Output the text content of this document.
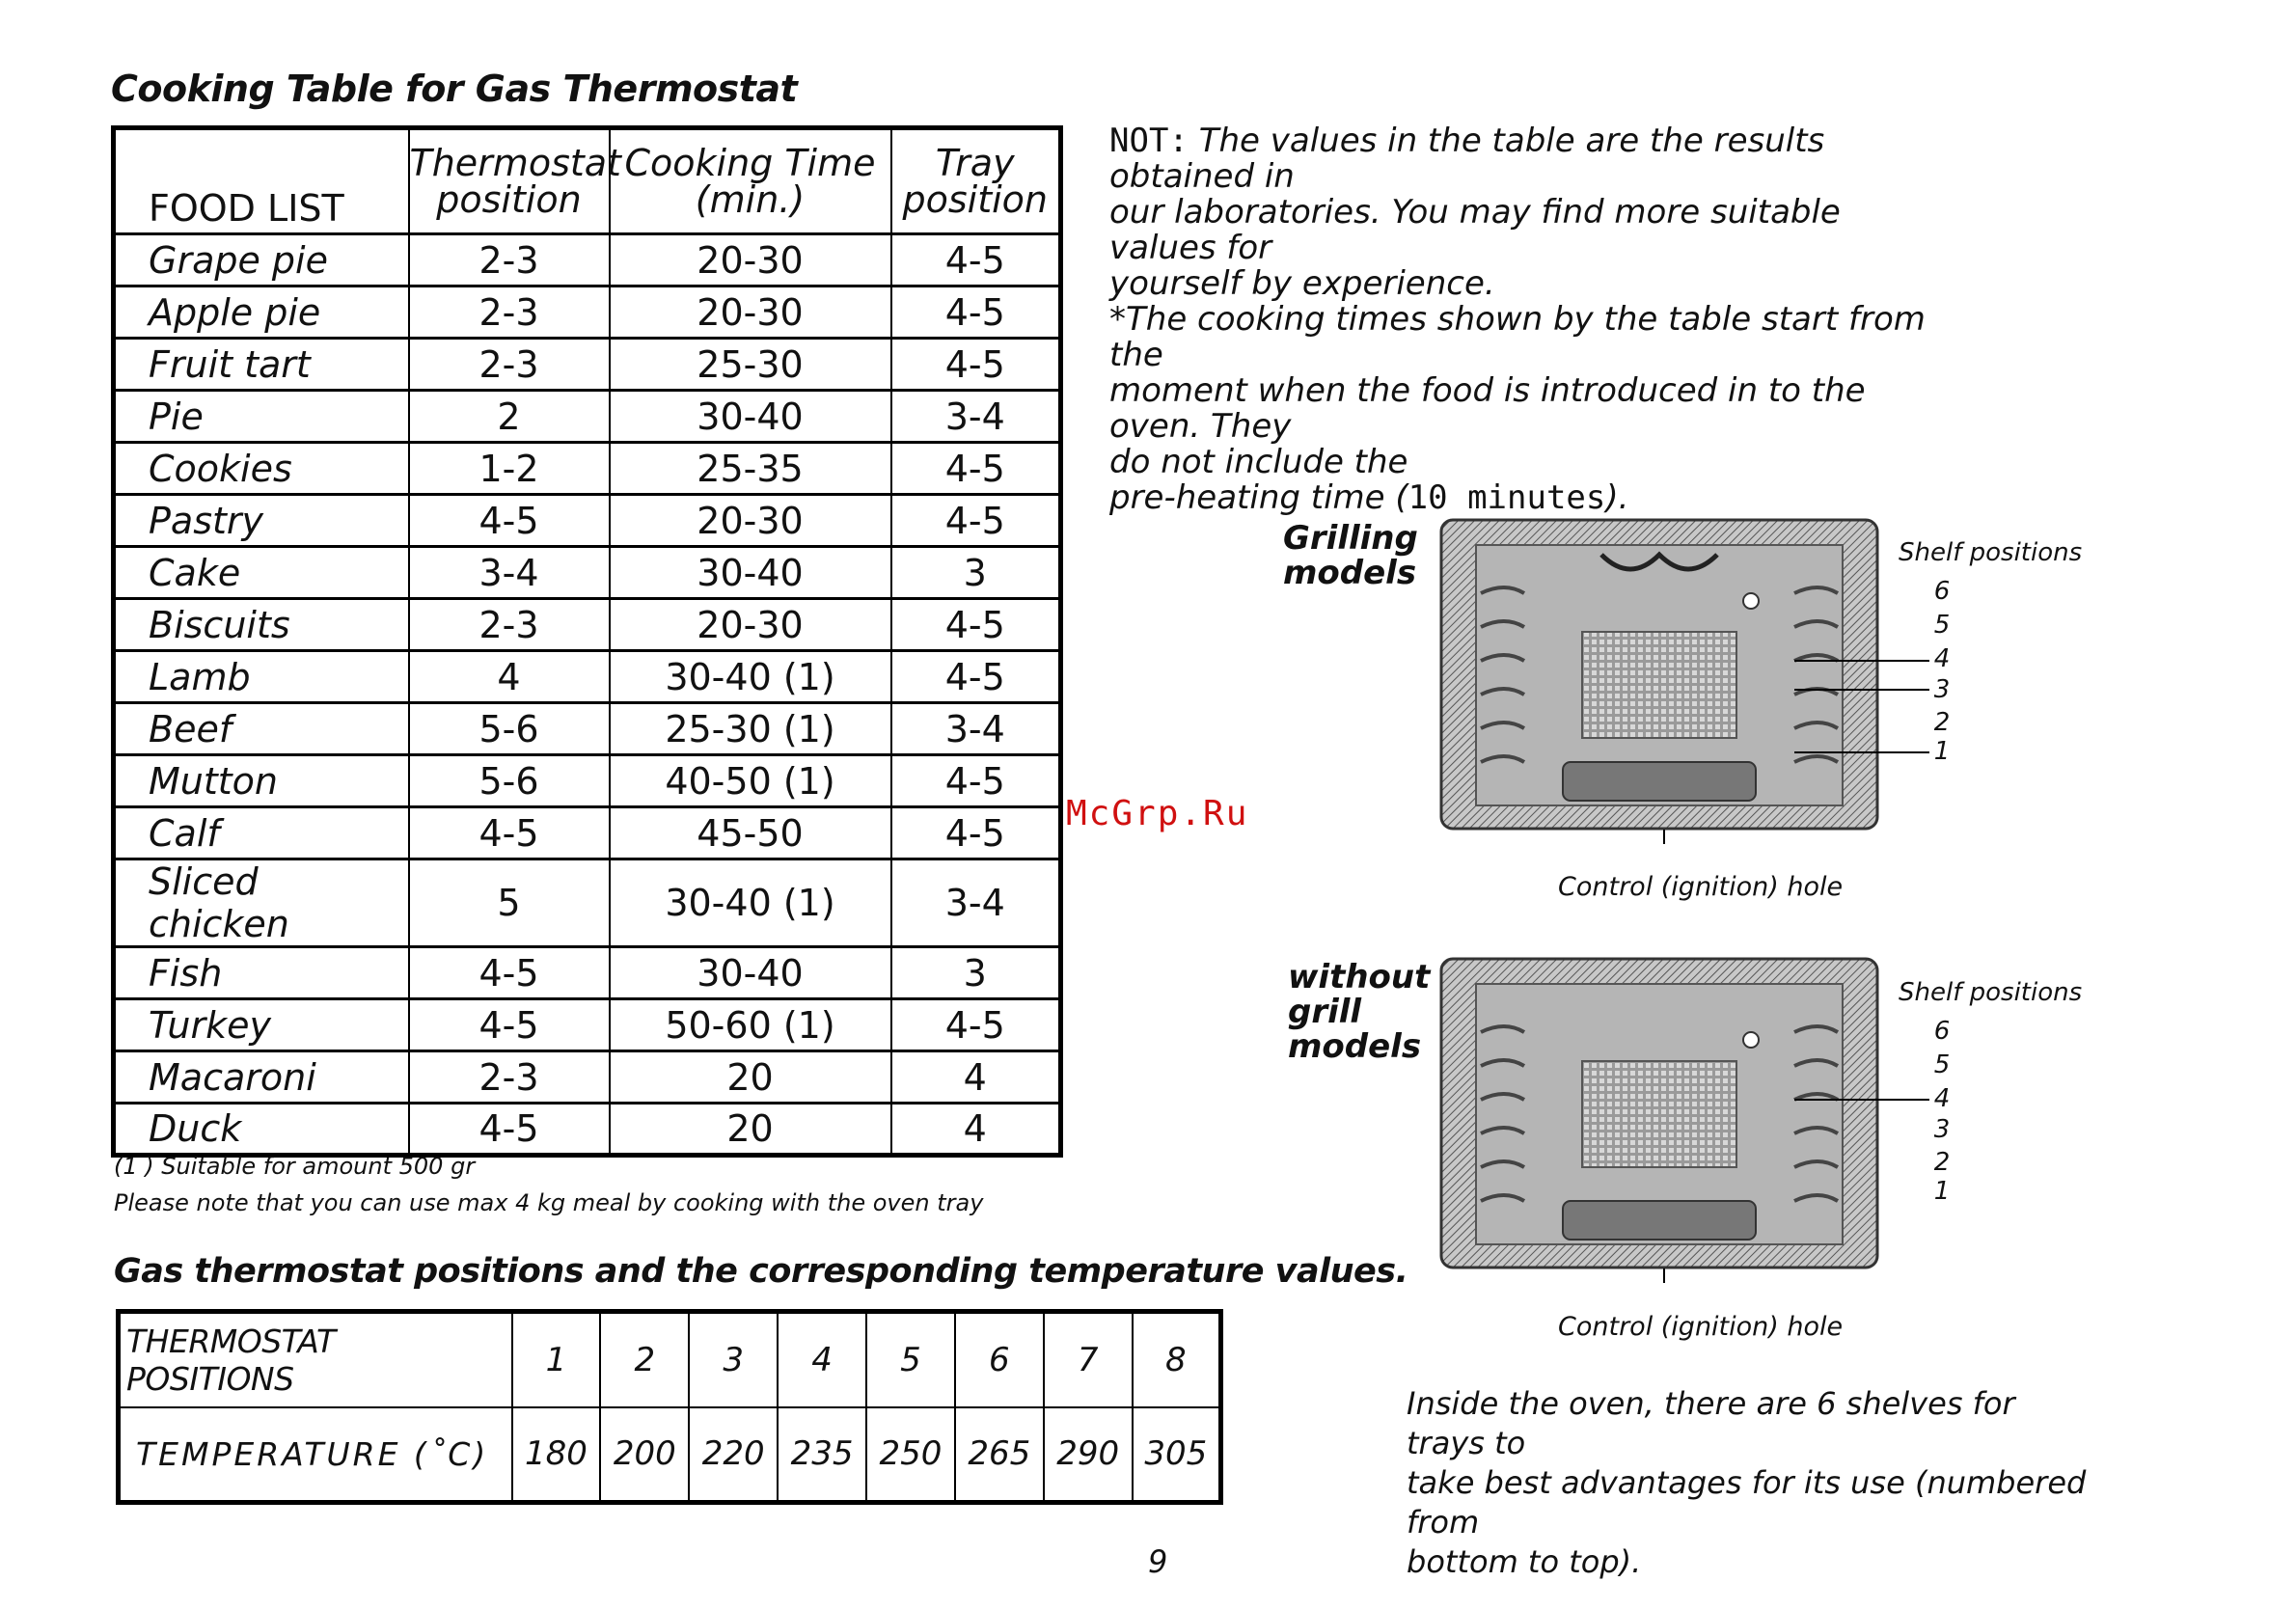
Cooking Table for Gas Thermostat
FOOD LIST	Thermostat position	Cooking Time (min.)	Tray position
Grape pie	2-3	20-30	4-5
Apple pie	2-3	20-30	4-5
Fruit tart	2-3	25-30	4-5
Pie	2	30-40	3-4
Cookies	1-2	25-35	4-5
Pastry	4-5	20-30	4-5
Cake	3-4	30-40	3
Biscuits	2-3	20-30	4-5
Lamb	4	30-40 (1)	4-5
Beef	5-6	25-30 (1)	3-4
Mutton	5-6	40-50 (1)	4-5
Calf	4-5	45-50	4-5
Sliced chicken	5	30-40 (1)	3-4
Fish	4-5	30-40	3
Turkey	4-5	50-60 (1)	4-5
Macaroni	2-3	20	4
Duck	4-5	20	4
(1 ) Suitable for amount 500 gr
Please note that you can use max 4 kg meal by cooking with the oven tray
Gas thermostat positions and the corresponding temperature values.
THERMOSTAT POSITIONS	1	2	3	4	5	6	7	8
TEMPERATURE (˚C)	180	200	220	235	250	265	290	305
NOT: The values in the table are the results obtained in
our laboratories. You may find more suitable values for
yourself by experience.
*The cooking times shown by the table start from the
moment when the food is introduced in to the oven. They
do not include the
pre-heating time (10 minutes).
McGrp.Ru
Grilling
models
Shelf positions
6
5
4
3
2
1
Control (ignition) hole
without
grill
models
Shelf positions
6
5
4
3
2
1
Control (ignition) hole
Inside the oven, there are 6 shelves for trays to
take best advantages for its use (numbered from
bottom to top).
9
